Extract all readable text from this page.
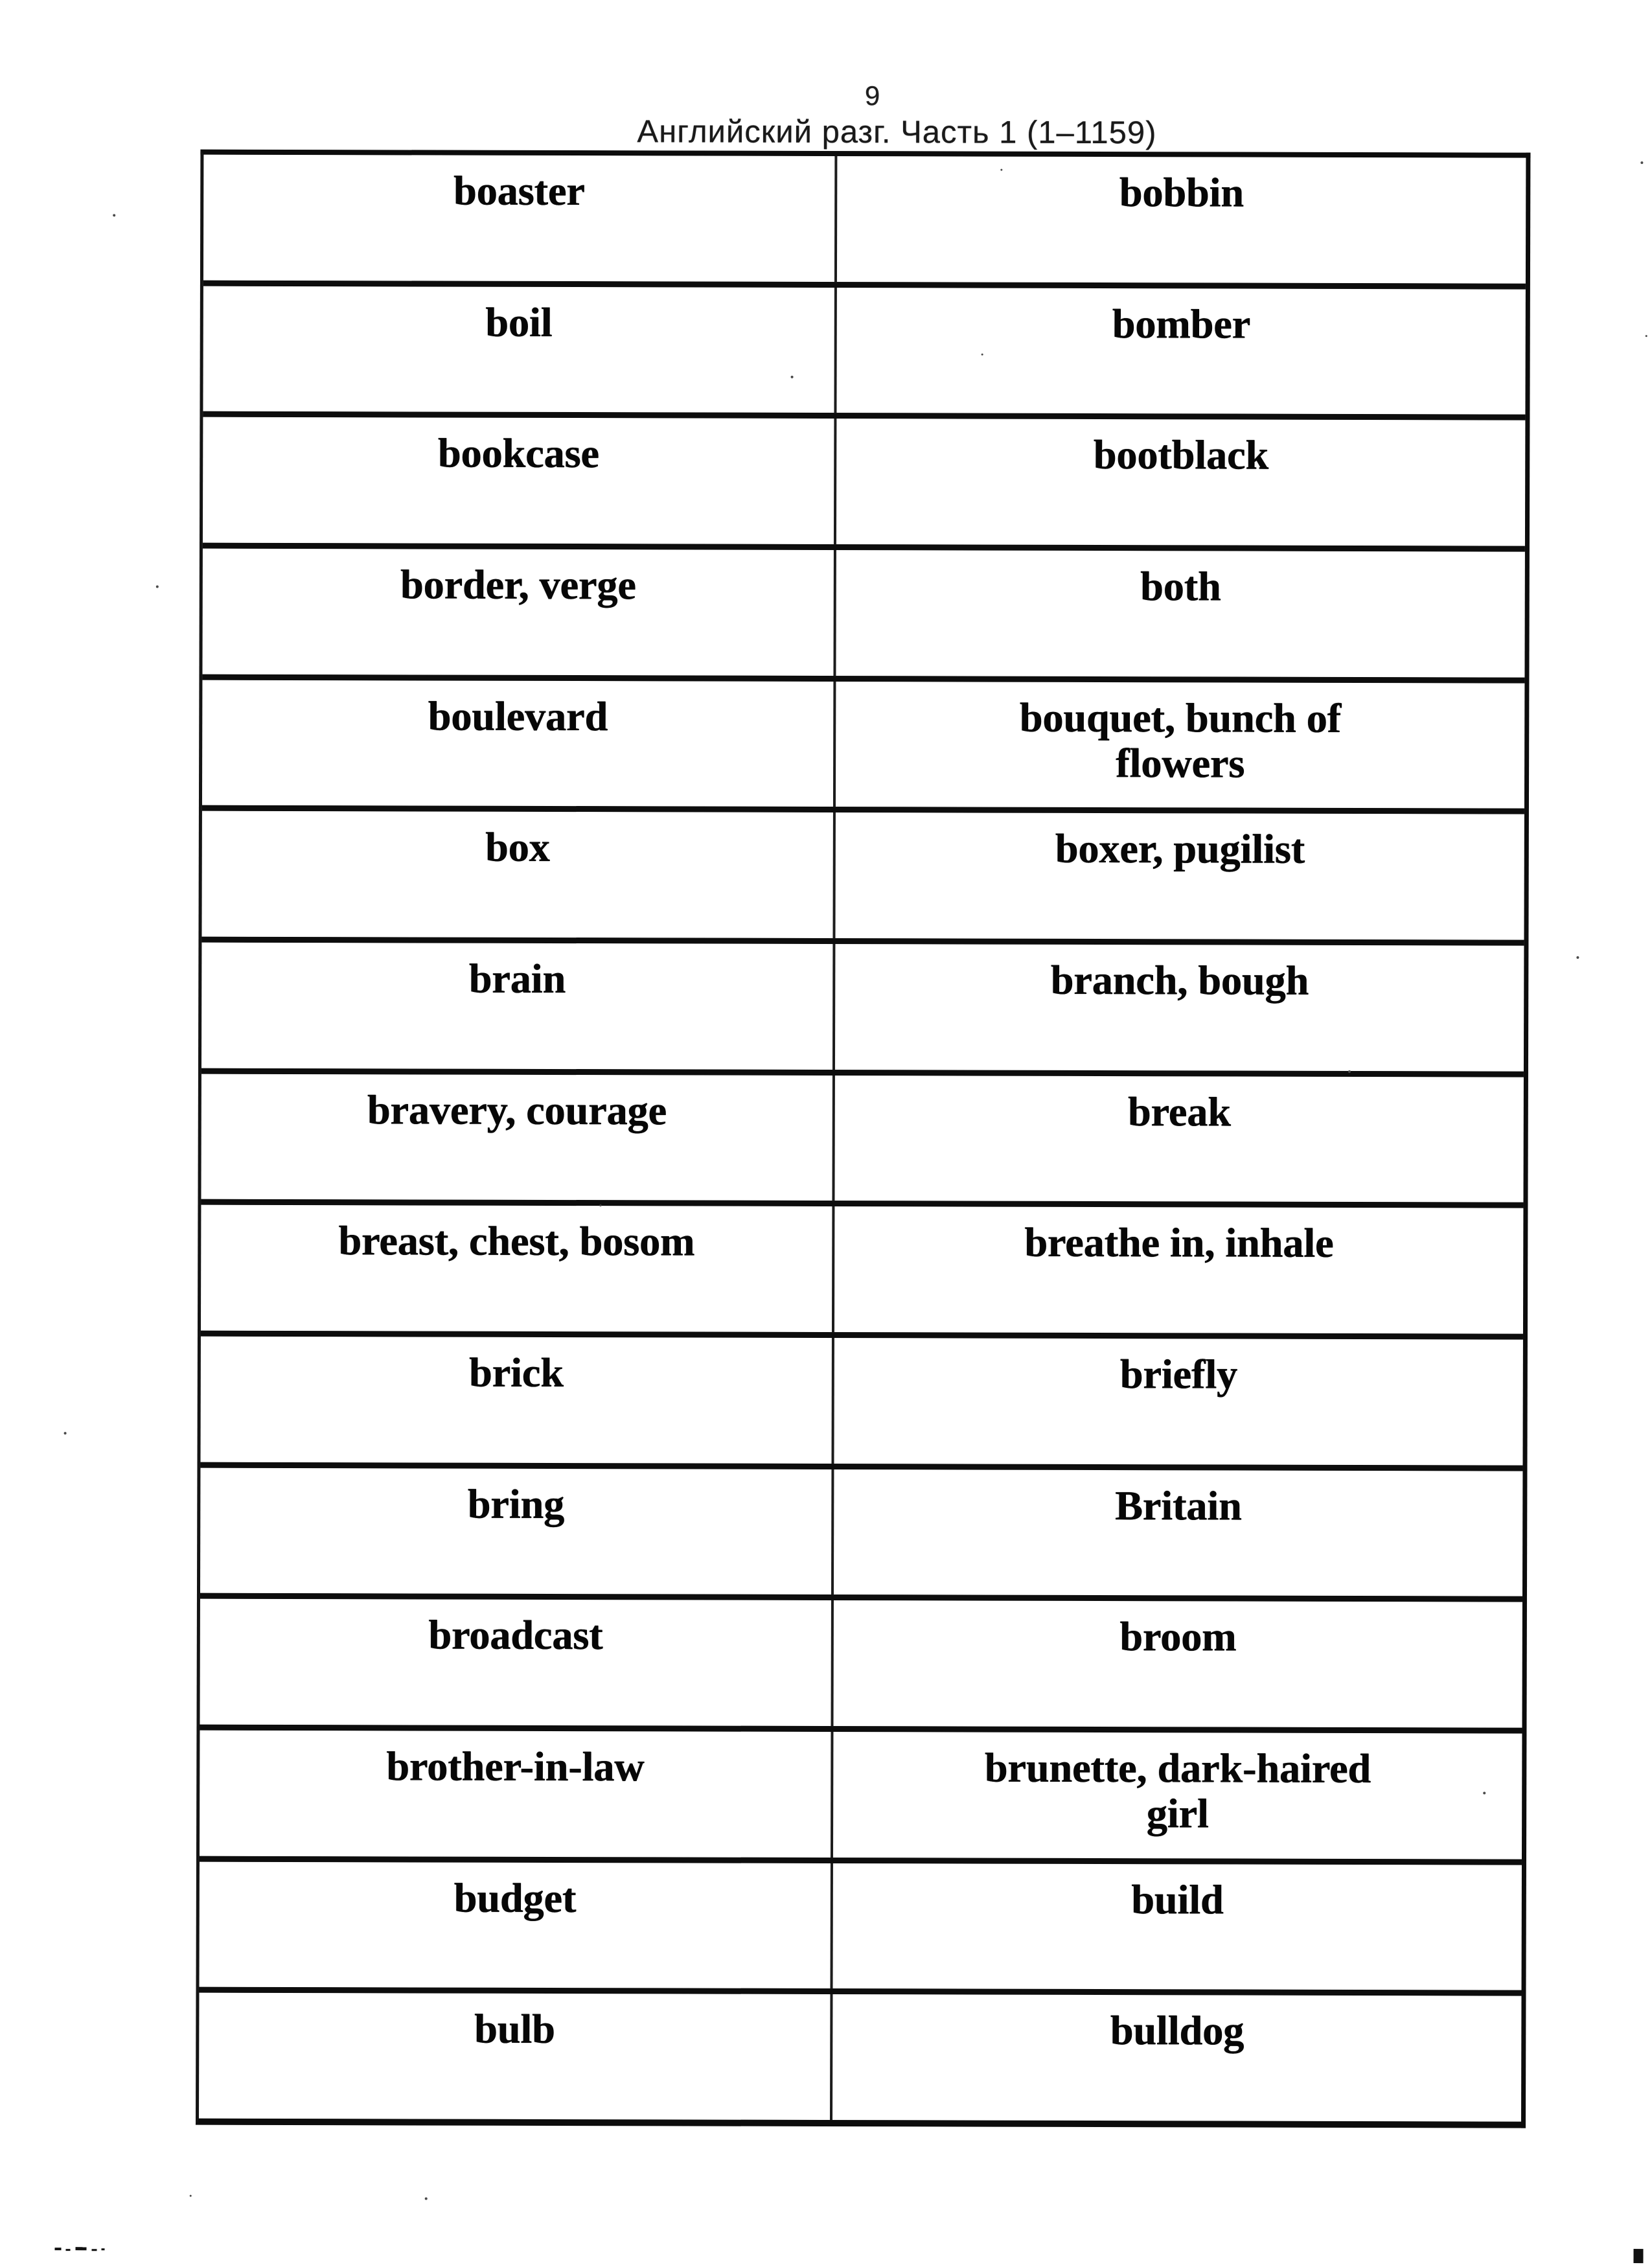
9
Английский разг. Часть 1 (1–1159)
boaster	bobbin
boil	bomber
bookcase	bootblack
border, verge	both
boulevard	bouquet, bunch of
flowers
box	boxer, pugilist
brain	branch, bough
bravery, courage	break
breast, chest, bosom	breathe in, inhale
brick	briefly
bring	Britain
broadcast	broom
brother-in-law	brunette, dark-haired
girl
budget	build
bulb	bulldog
